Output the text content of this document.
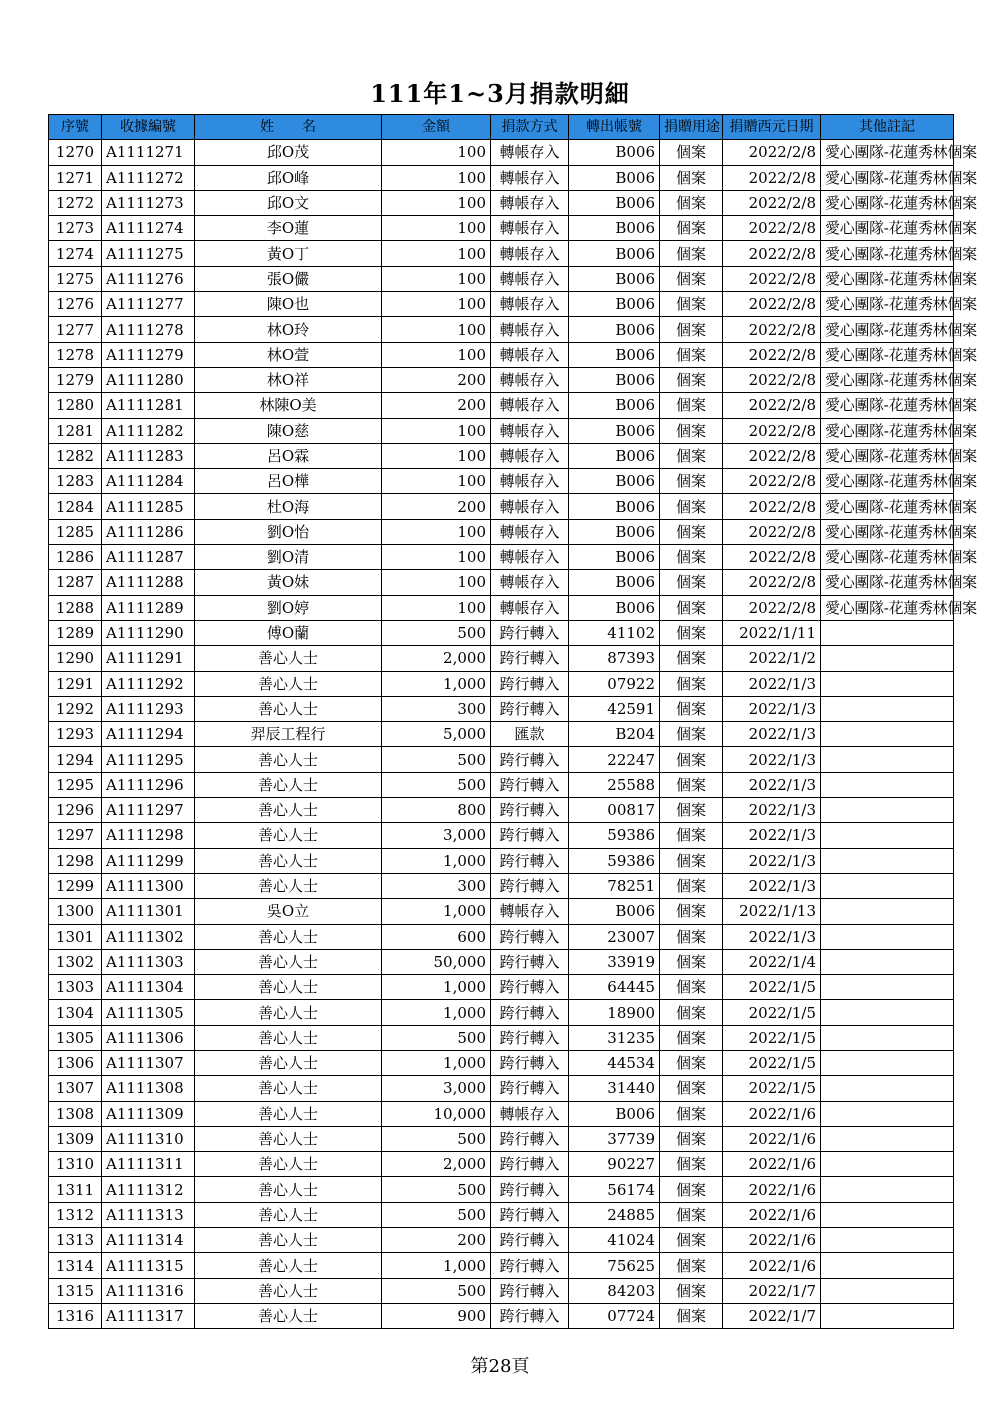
111年1~3月捐款明細
序號	收據編號	姓　　名	金額	捐款方式	轉出帳號	捐贈用途	捐贈西元日期	其他註記
1270	A1111271	邱O茂	100	轉帳存入	B006	個案	2022/2/8	愛心團隊-花蓮秀林個案
1271	A1111272	邱O峰	100	轉帳存入	B006	個案	2022/2/8	愛心團隊-花蓮秀林個案
1272	A1111273	邱O文	100	轉帳存入	B006	個案	2022/2/8	愛心團隊-花蓮秀林個案
1273	A1111274	李O蓮	100	轉帳存入	B006	個案	2022/2/8	愛心團隊-花蓮秀林個案
1274	A1111275	黃O丁	100	轉帳存入	B006	個案	2022/2/8	愛心團隊-花蓮秀林個案
1275	A1111276	張O儼	100	轉帳存入	B006	個案	2022/2/8	愛心團隊-花蓮秀林個案
1276	A1111277	陳O也	100	轉帳存入	B006	個案	2022/2/8	愛心團隊-花蓮秀林個案
1277	A1111278	林O玲	100	轉帳存入	B006	個案	2022/2/8	愛心團隊-花蓮秀林個案
1278	A1111279	林O萱	100	轉帳存入	B006	個案	2022/2/8	愛心團隊-花蓮秀林個案
1279	A1111280	林O祥	200	轉帳存入	B006	個案	2022/2/8	愛心團隊-花蓮秀林個案
1280	A1111281	林陳O美	200	轉帳存入	B006	個案	2022/2/8	愛心團隊-花蓮秀林個案
1281	A1111282	陳O慈	100	轉帳存入	B006	個案	2022/2/8	愛心團隊-花蓮秀林個案
1282	A1111283	呂O霖	100	轉帳存入	B006	個案	2022/2/8	愛心團隊-花蓮秀林個案
1283	A1111284	呂O樺	100	轉帳存入	B006	個案	2022/2/8	愛心團隊-花蓮秀林個案
1284	A1111285	杜O海	200	轉帳存入	B006	個案	2022/2/8	愛心團隊-花蓮秀林個案
1285	A1111286	劉O怡	100	轉帳存入	B006	個案	2022/2/8	愛心團隊-花蓮秀林個案
1286	A1111287	劉O清	100	轉帳存入	B006	個案	2022/2/8	愛心團隊-花蓮秀林個案
1287	A1111288	黃O妹	100	轉帳存入	B006	個案	2022/2/8	愛心團隊-花蓮秀林個案
1288	A1111289	劉O婷	100	轉帳存入	B006	個案	2022/2/8	愛心團隊-花蓮秀林個案
1289	A1111290	傅O蘭	500	跨行轉入	41102	個案	2022/1/11	
1290	A1111291	善心人士	2,000	跨行轉入	87393	個案	2022/1/2	
1291	A1111292	善心人士	1,000	跨行轉入	07922	個案	2022/1/3	
1292	A1111293	善心人士	300	跨行轉入	42591	個案	2022/1/3	
1293	A1111294	羿辰工程行	5,000	匯款	B204	個案	2022/1/3	
1294	A1111295	善心人士	500	跨行轉入	22247	個案	2022/1/3	
1295	A1111296	善心人士	500	跨行轉入	25588	個案	2022/1/3	
1296	A1111297	善心人士	800	跨行轉入	00817	個案	2022/1/3	
1297	A1111298	善心人士	3,000	跨行轉入	59386	個案	2022/1/3	
1298	A1111299	善心人士	1,000	跨行轉入	59386	個案	2022/1/3	
1299	A1111300	善心人士	300	跨行轉入	78251	個案	2022/1/3	
1300	A1111301	吳O立	1,000	轉帳存入	B006	個案	2022/1/13	
1301	A1111302	善心人士	600	跨行轉入	23007	個案	2022/1/3	
1302	A1111303	善心人士	50,000	跨行轉入	33919	個案	2022/1/4	
1303	A1111304	善心人士	1,000	跨行轉入	64445	個案	2022/1/5	
1304	A1111305	善心人士	1,000	跨行轉入	18900	個案	2022/1/5	
1305	A1111306	善心人士	500	跨行轉入	31235	個案	2022/1/5	
1306	A1111307	善心人士	1,000	跨行轉入	44534	個案	2022/1/5	
1307	A1111308	善心人士	3,000	跨行轉入	31440	個案	2022/1/5	
1308	A1111309	善心人士	10,000	轉帳存入	B006	個案	2022/1/6	
1309	A1111310	善心人士	500	跨行轉入	37739	個案	2022/1/6	
1310	A1111311	善心人士	2,000	跨行轉入	90227	個案	2022/1/6	
1311	A1111312	善心人士	500	跨行轉入	56174	個案	2022/1/6	
1312	A1111313	善心人士	500	跨行轉入	24885	個案	2022/1/6	
1313	A1111314	善心人士	200	跨行轉入	41024	個案	2022/1/6	
1314	A1111315	善心人士	1,000	跨行轉入	75625	個案	2022/1/6	
1315	A1111316	善心人士	500	跨行轉入	84203	個案	2022/1/7	
1316	A1111317	善心人士	900	跨行轉入	07724	個案	2022/1/7	
第28頁
